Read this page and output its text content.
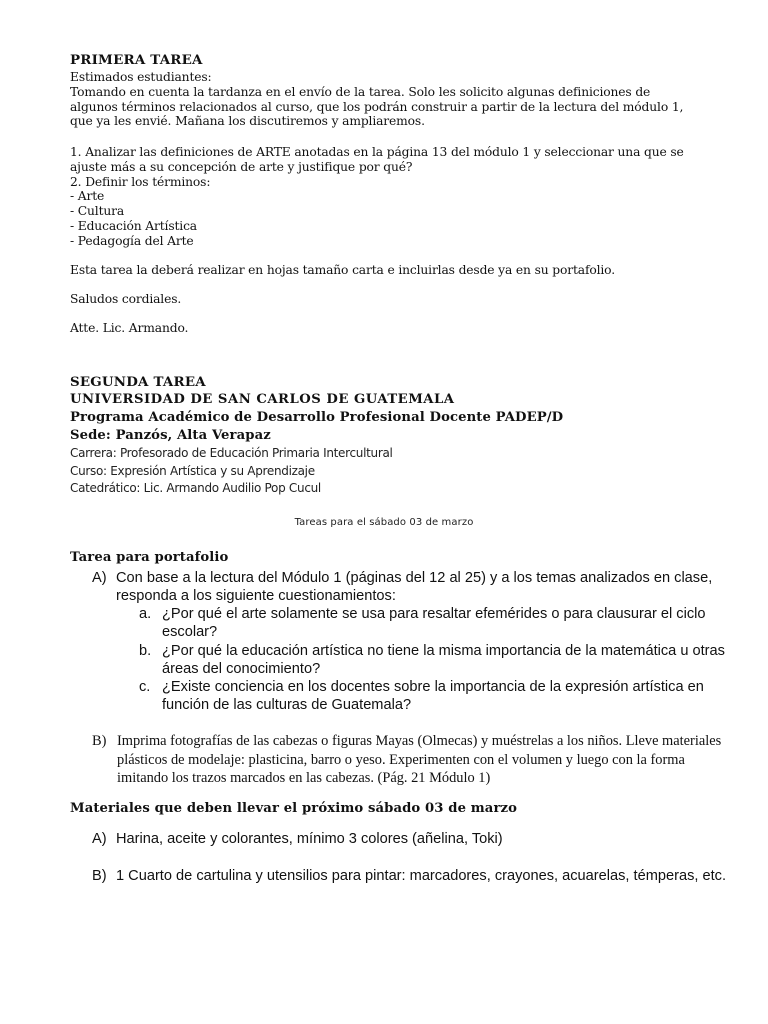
PRIMERA TAREA
Estimados estudiantes:
Tomando en cuenta la tardanza en el envío de la tarea. Solo les solicito algunas definiciones de
algunos términos relacionados al curso, que los podrán construir a partir de la lectura del módulo 1,
que ya les envié. Mañana los discutiremos y ampliaremos.
1. Analizar las definiciones de ARTE anotadas en la página 13 del módulo 1 y seleccionar una que se
ajuste más a su concepción de arte y justifique por qué?
2. Definir los términos:
- Arte
- Cultura
- Educación Artística
- Pedagogía del Arte
Esta tarea la deberá realizar en hojas tamaño carta e incluirlas desde ya en su portafolio.
Saludos cordiales.
Atte. Lic. Armando.
SEGUNDA TAREA
UNIVERSIDAD DE SAN CARLOS DE GUATEMALA
Programa Académico de Desarrollo Profesional Docente PADEP/D
Sede: Panzós, Alta Verapaz
Carrera: Profesorado de Educación Primaria Intercultural
Curso: Expresión Artística y su Aprendizaje
Catedrático: Lic. Armando Audilio Pop Cucul
Tareas para el sábado 03 de marzo
Tarea para portafolio
A) Con base a la lectura del Módulo 1 (páginas del 12 al 25) y a los temas analizados en clase,
responda a los siguiente cuestionamientos:
a. ¿Por qué el arte solamente se usa para resaltar efemérides o para clausurar el ciclo
escolar?
b. ¿Por qué la educación artística no tiene la misma importancia de la matemática u otras
áreas del conocimiento?
c. ¿Existe conciencia en los docentes sobre la importancia de la expresión artística en
función de las culturas de Guatemala?
B) Imprima fotografías de las cabezas o figuras Mayas (Olmecas) y muéstrelas a los niños. Lleve materiales
plásticos de modelaje: plasticina, barro o yeso. Experimenten con el volumen y luego con la forma
imitando los trazos marcados en las cabezas. (Pág. 21 Módulo 1)
Materiales que deben llevar el próximo sábado 03 de marzo
A) Harina, aceite y colorantes, mínimo 3 colores (añelina, Toki)
B) 1 Cuarto de cartulina y utensilios para pintar: marcadores, crayones, acuarelas, témperas, etc.
